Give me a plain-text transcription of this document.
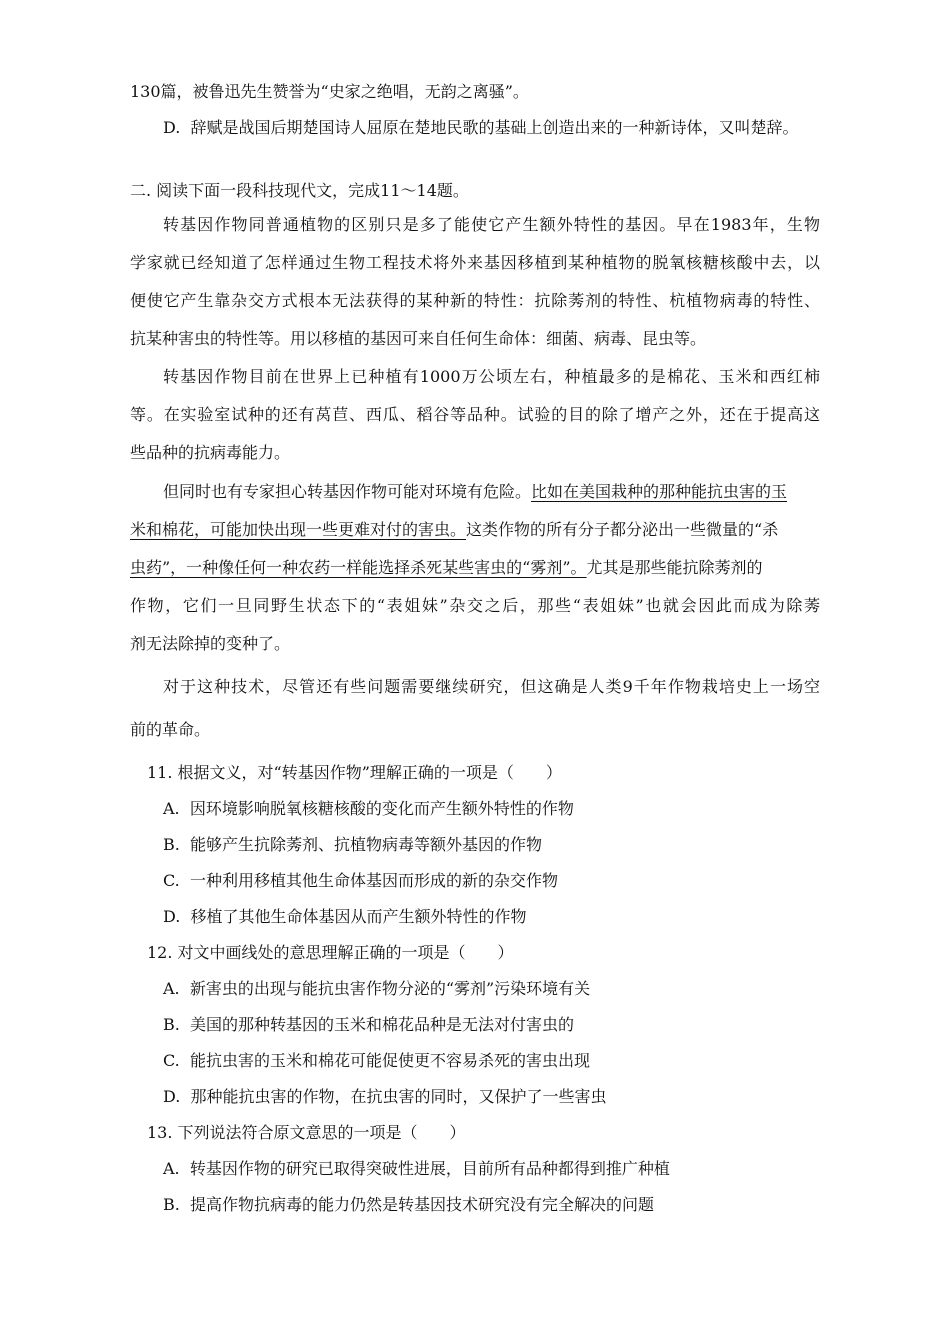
130篇，被鲁迅先生赞誉为“史家之绝唱，无韵之离骚”。
D. 辞赋是战国后期楚国诗人屈原在楚地民歌的基础上创造出来的一种新诗体，又叫楚辞。
二. 阅读下面一段科技现代文，完成11～14题。
转基因作物同普通植物的区别只是多了能使它产生额外特性的基因。早在1983年，生物
学家就已经知道了怎样通过生物工程技术将外来基因移植到某种植物的脱氧核糖核酸中去，以
便使它产生靠杂交方式根本无法获得的某种新的特性：抗除莠剂的特性、杭植物病毒的特性、
抗某种害虫的特性等。用以移植的基因可来自任何生命体：细菌、病毒、昆虫等。
转基因作物目前在世界上已种植有1000万公顷左右，种植最多的是棉花、玉米和西红柿
等。在实验室试种的还有莴苣、西瓜、稻谷等品种。试验的目的除了增产之外，还在于提高这
些品种的抗病毒能力。
但同时也有专家担心转基因作物可能对环境有危险。比如在美国栽种的那种能抗虫害的玉
米和棉花，可能加快出现一些更难对付的害虫。这类作物的所有分子都分泌出一些微量的“杀
虫药”，一种像任何一种农药一样能选择杀死某些害虫的“雾剂”。尤其是那些能抗除莠剂的
作物，它们一旦同野生状态下的“表姐妹”杂交之后，那些“表姐妹”也就会因此而成为除莠
剂无法除掉的变种了。
对于这种技术，尽管还有些问题需要继续研究，但这确是人类9千年作物栽培史上一场空
前的革命。
11. 根据文义，对“转基因作物”理解正确的一项是（　　）
A. 因环境影响脱氧核糖核酸的变化而产生额外特性的作物
B. 能够产生抗除莠剂、抗植物病毒等额外基因的作物
C. 一种利用移植其他生命体基因而形成的新的杂交作物
D. 移植了其他生命体基因从而产生额外特性的作物
12. 对文中画线处的意思理解正确的一项是（　　）
A. 新害虫的出现与能抗虫害作物分泌的“雾剂”污染环境有关
B. 美国的那种转基因的玉米和棉花品种是无法对付害虫的
C. 能抗虫害的玉米和棉花可能促使更不容易杀死的害虫出现
D. 那种能抗虫害的作物，在抗虫害的同时，又保护了一些害虫
13. 下列说法符合原文意思的一项是（　　）
A. 转基因作物的研究已取得突破性进展，目前所有品种都得到推广种植
B. 提高作物抗病毒的能力仍然是转基因技术研究没有完全解决的问题
